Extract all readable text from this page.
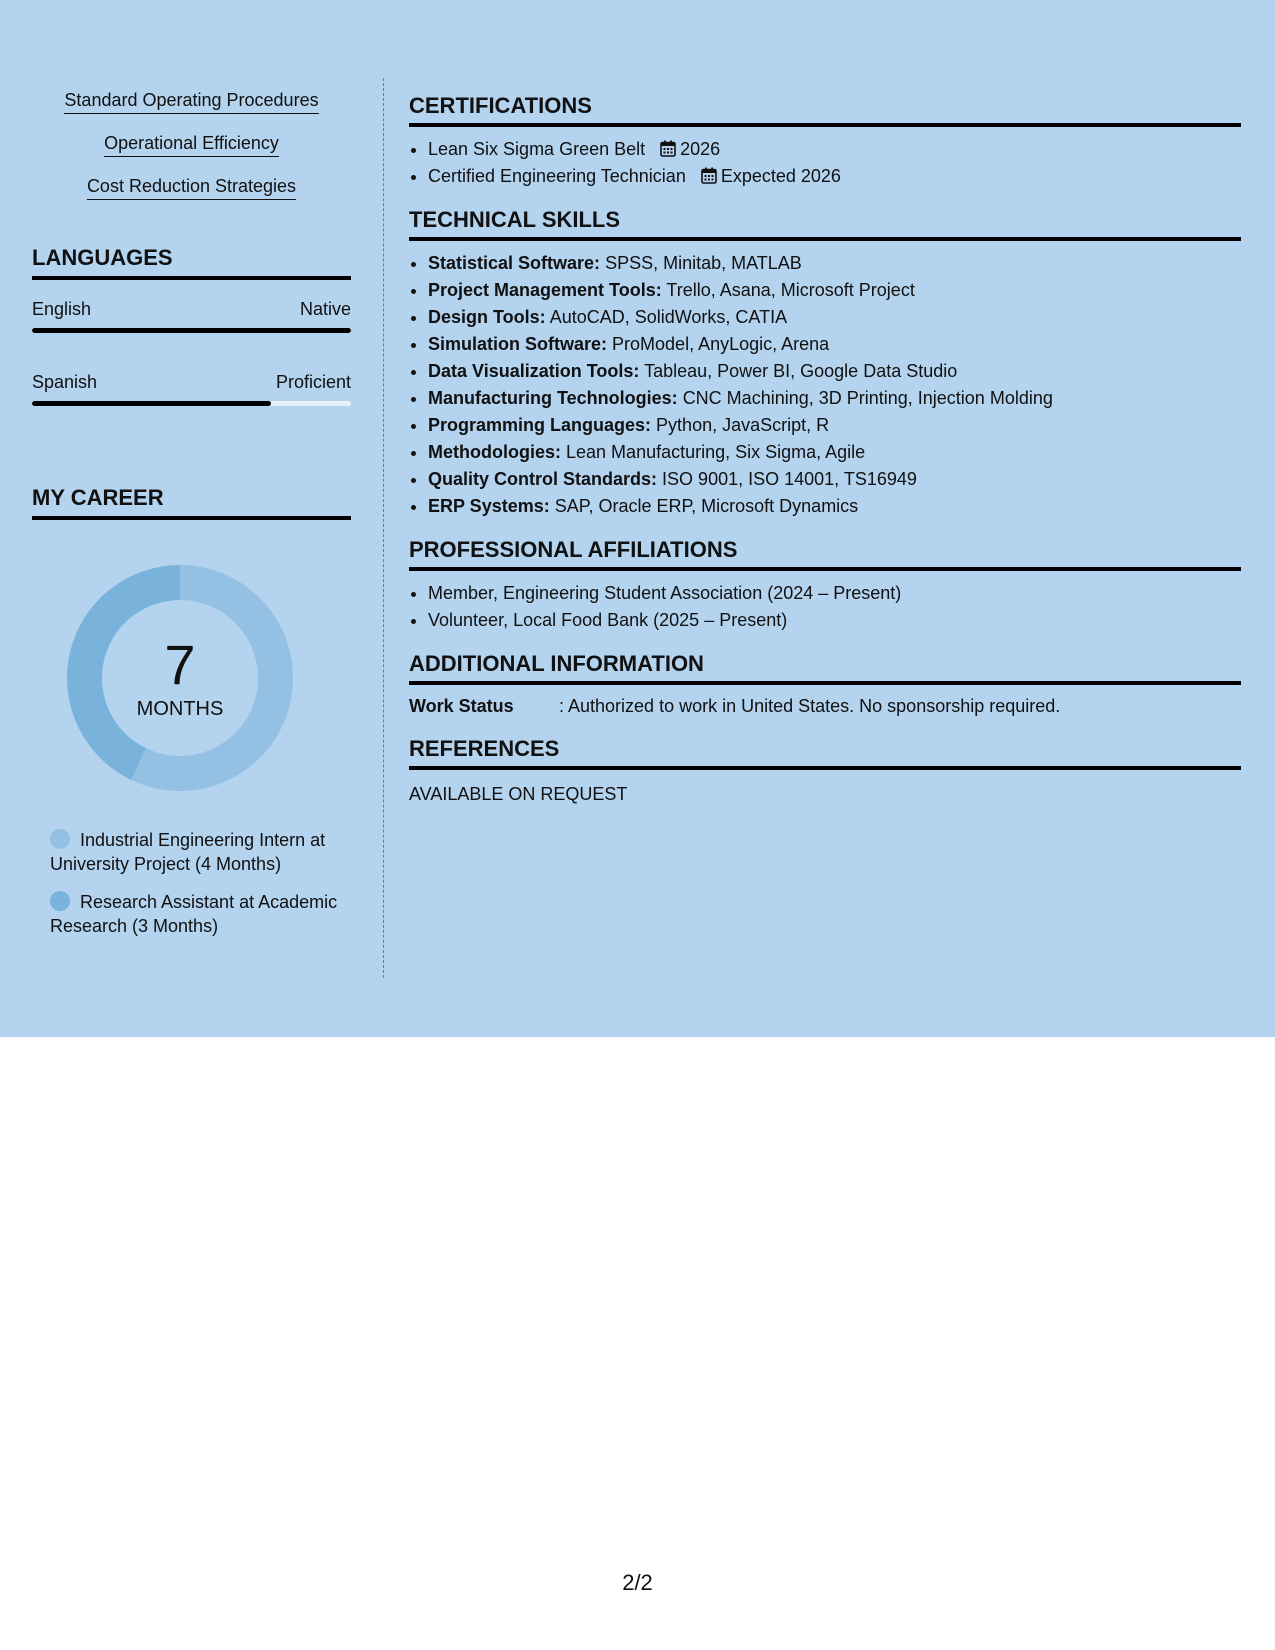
Standard Operating Procedures
Operational Efficiency
Cost Reduction Strategies
LANGUAGES
English	Native
Spanish	Proficient
MY CAREER
7
MONTHS
Industrial Engineering Intern at University Project (4 Months)
Research Assistant at Academic Research (3 Months)
CERTIFICATIONS
• Lean Six Sigma Green Belt 2026
• Certified Engineering Technician Expected 2026
TECHNICAL SKILLS
• Statistical Software: SPSS, Minitab, MATLAB
• Project Management Tools: Trello, Asana, Microsoft Project
• Design Tools: AutoCAD, SolidWorks, CATIA
• Simulation Software: ProModel, AnyLogic, Arena
• Data Visualization Tools: Tableau, Power BI, Google Data Studio
• Manufacturing Technologies: CNC Machining, 3D Printing, Injection Molding
• Programming Languages: Python, JavaScript, R
• Methodologies: Lean Manufacturing, Six Sigma, Agile
• Quality Control Standards: ISO 9001, ISO 14001, TS16949
• ERP Systems: SAP, Oracle ERP, Microsoft Dynamics
PROFESSIONAL AFFILIATIONS
• Member, Engineering Student Association (2024 – Present)
• Volunteer, Local Food Bank (2025 – Present)
ADDITIONAL INFORMATION
Work Status	: Authorized to work in United States. No sponsorship required.
REFERENCES
AVAILABLE ON REQUEST
2/2
